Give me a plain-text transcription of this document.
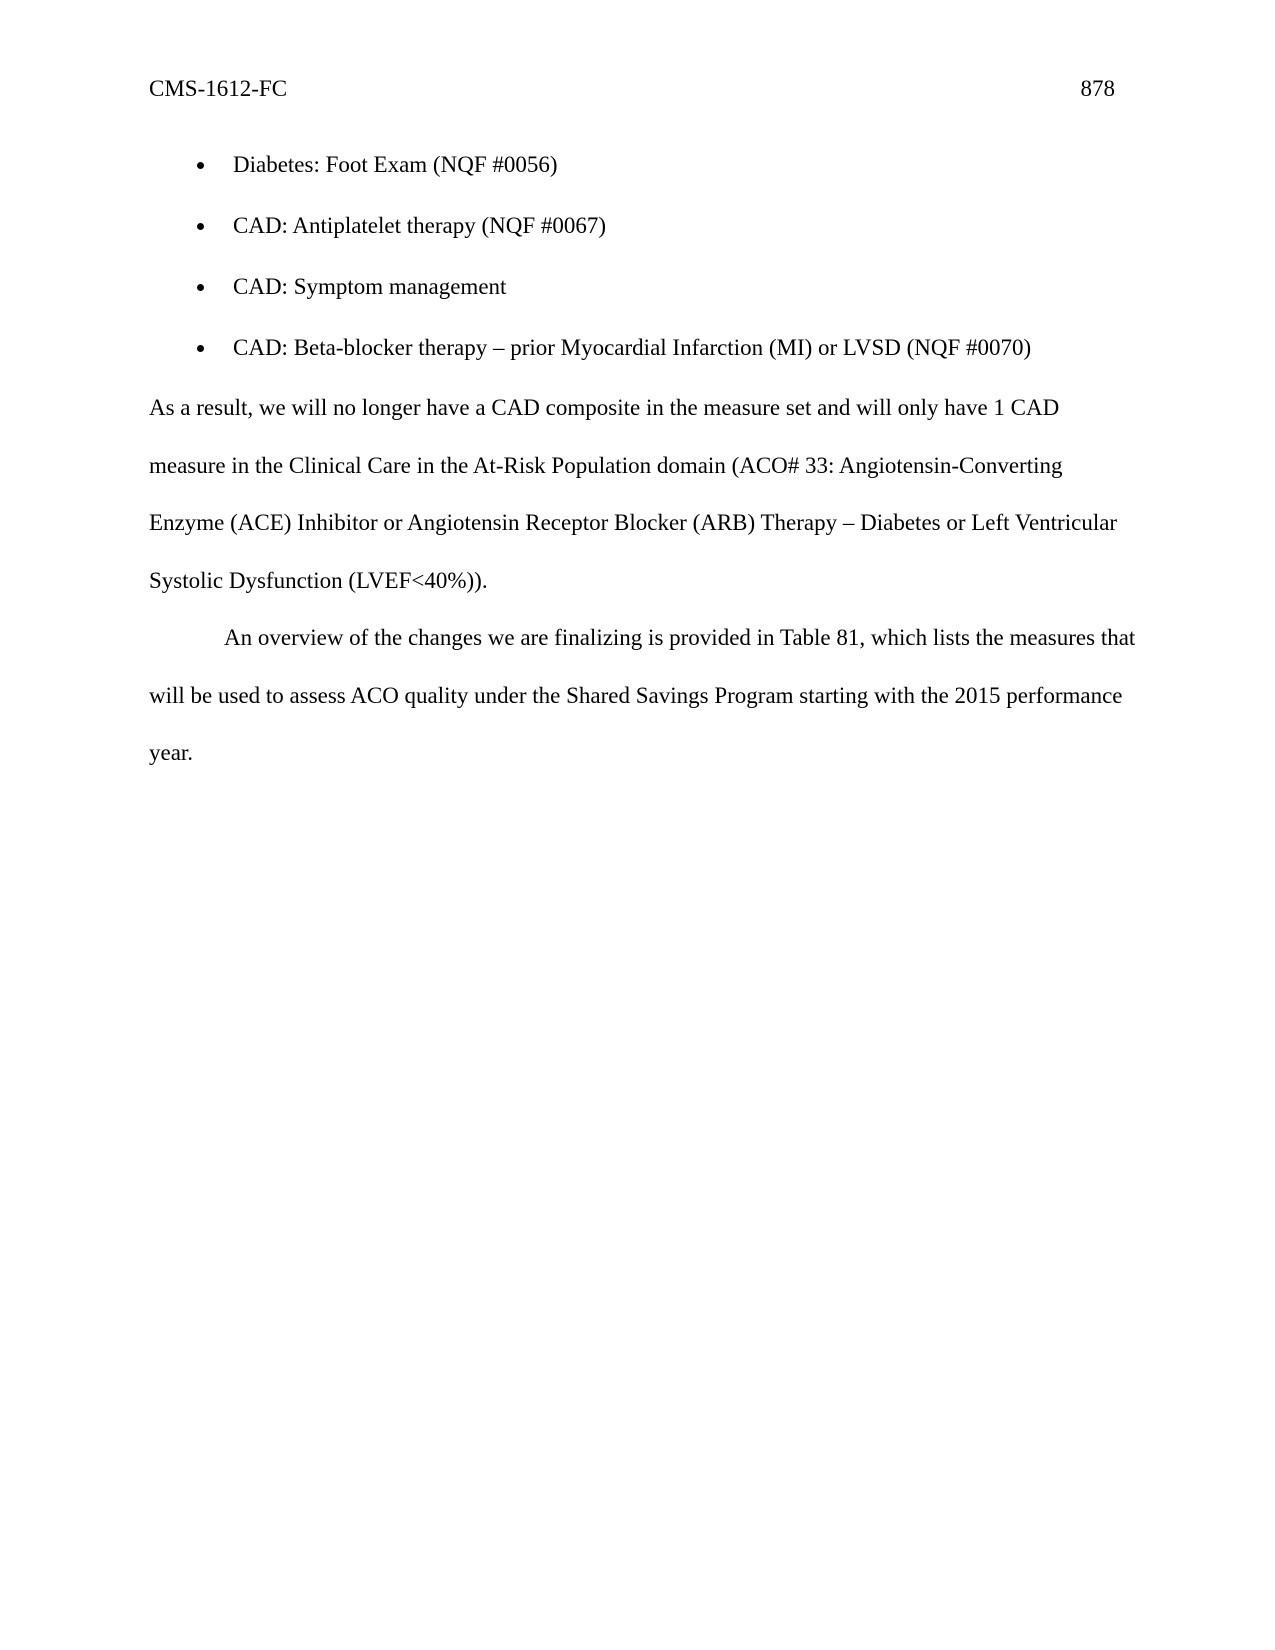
CMS-1612-FC	878
Diabetes: Foot Exam (NQF #0056)
CAD: Antiplatelet therapy (NQF #0067)
CAD: Symptom management
CAD: Beta-blocker therapy – prior Myocardial Infarction (MI) or LVSD (NQF #0070)

As a result, we will no longer have a CAD composite in the measure set and will only have 1 CAD measure in the Clinical Care in the At-Risk Population domain (ACO# 33: Angiotensin-Converting Enzyme (ACE) Inhibitor or Angiotensin Receptor Blocker (ARB) Therapy – Diabetes or Left Ventricular Systolic Dysfunction (LVEF<40%)).

An overview of the changes we are finalizing is provided in Table 81, which lists the measures that will be used to assess ACO quality under the Shared Savings Program starting with the 2015 performance year.
